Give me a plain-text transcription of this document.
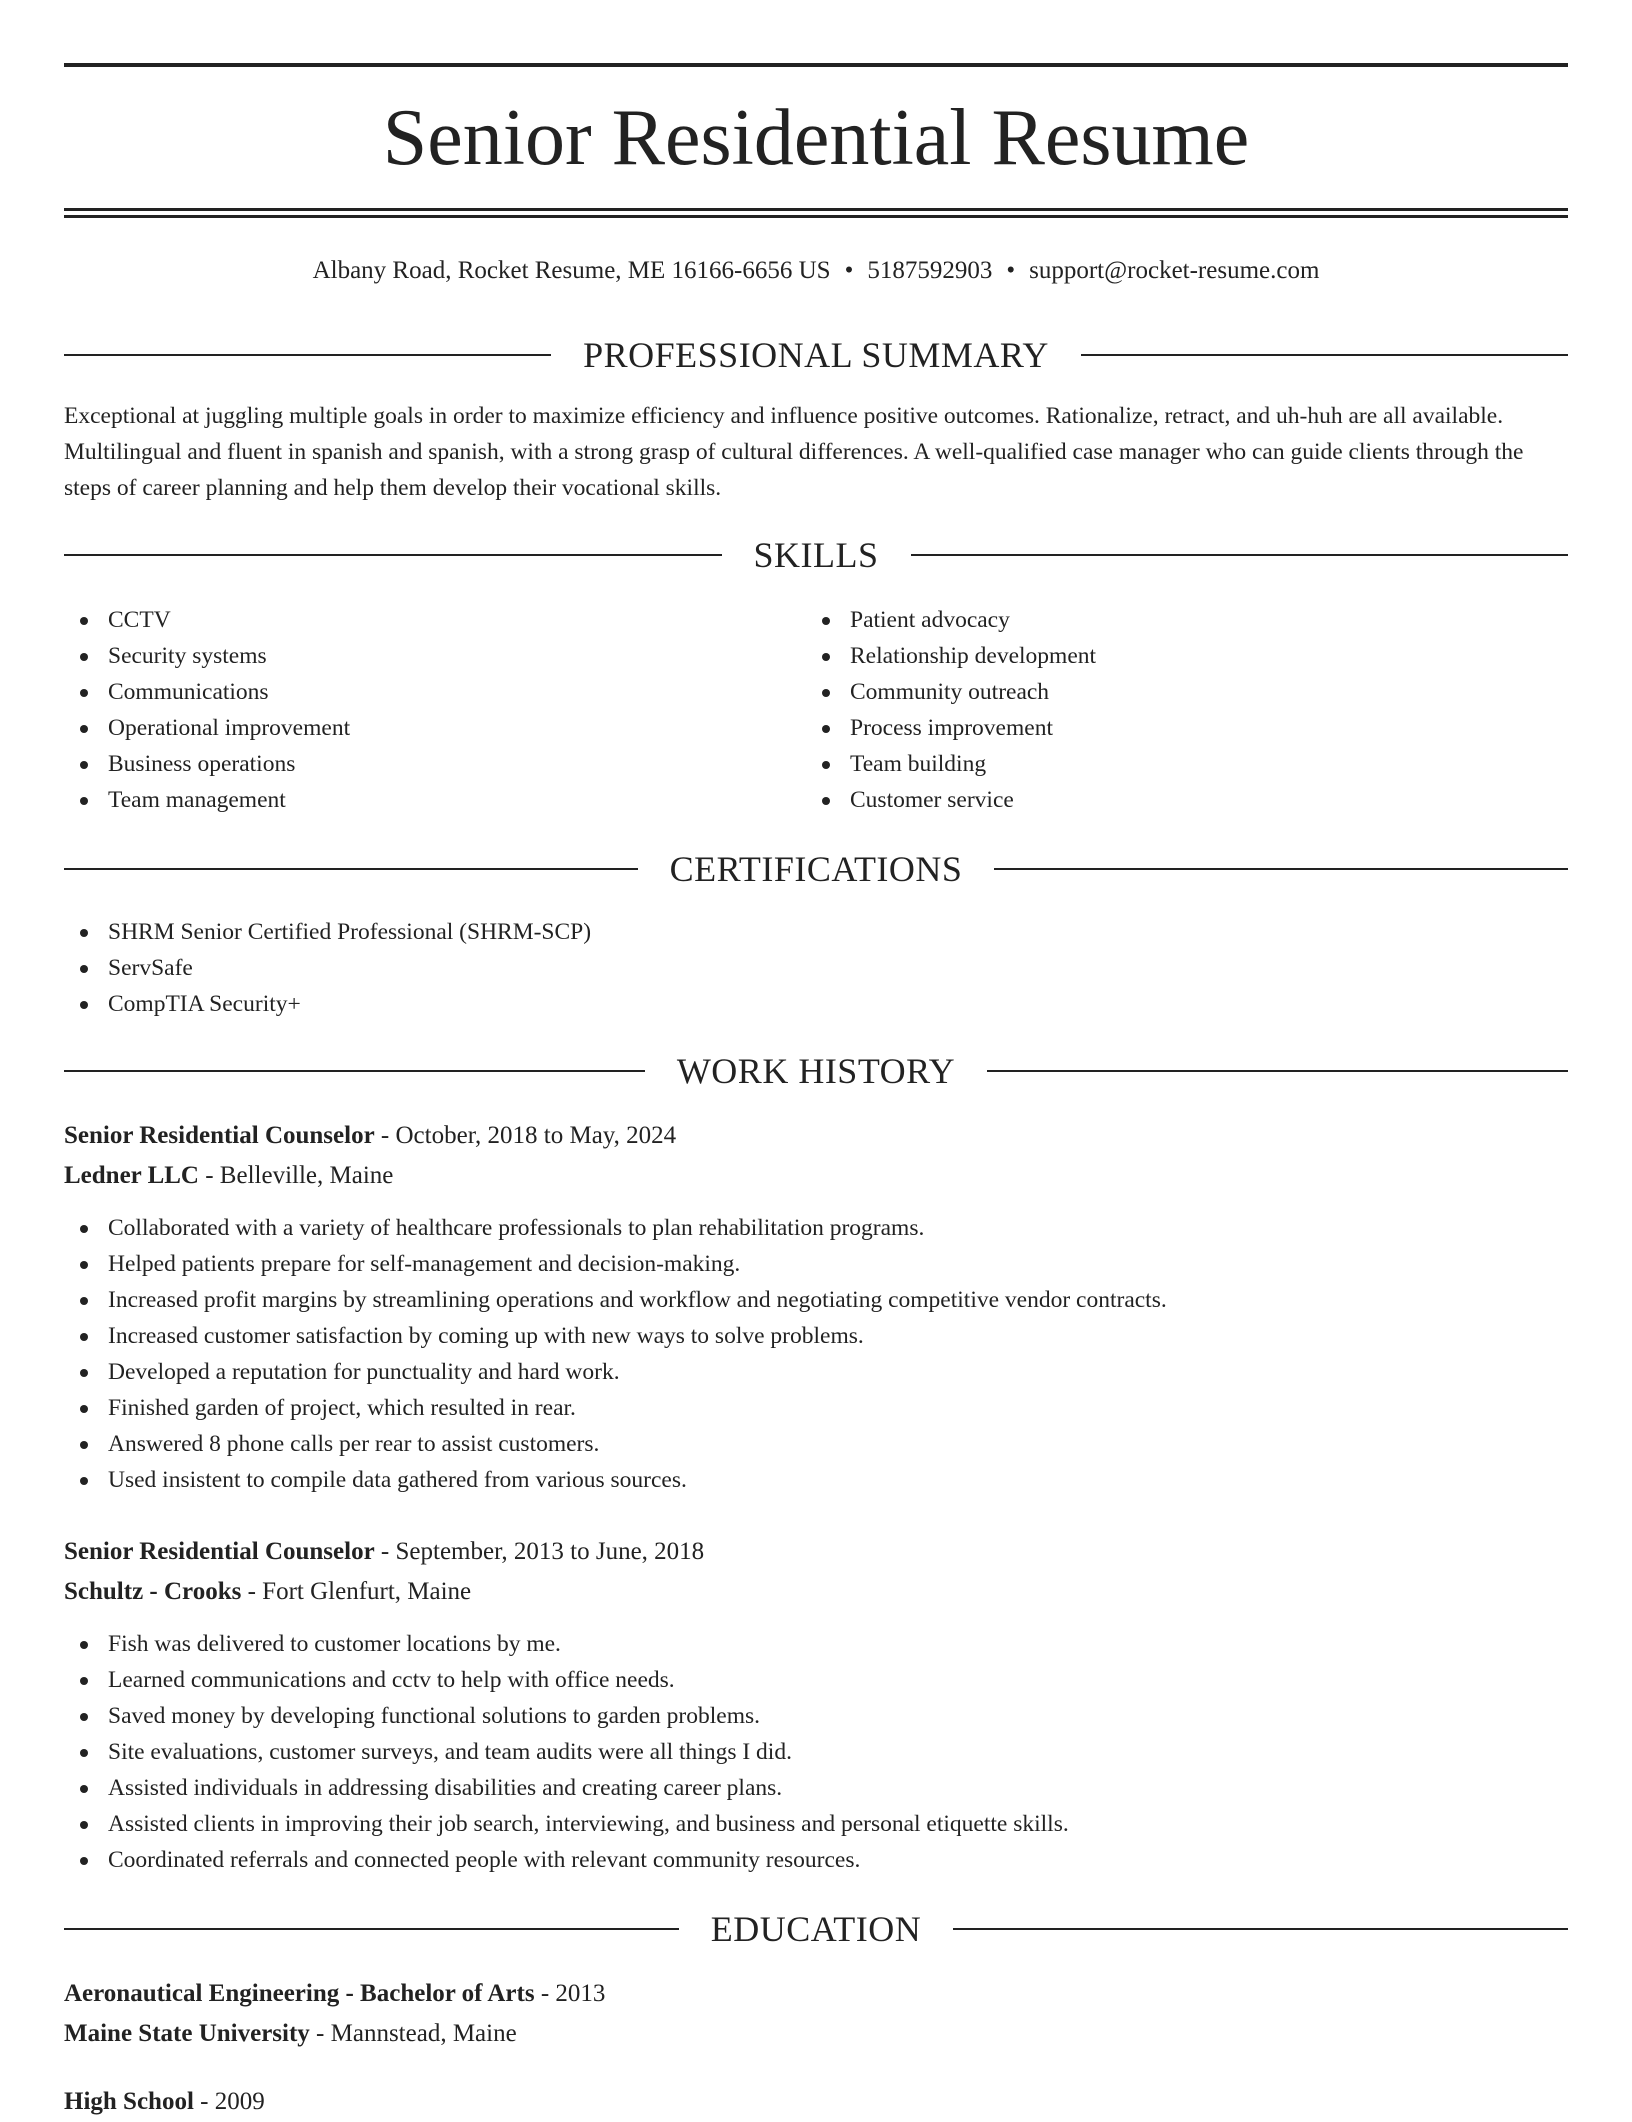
Senior Residential Resume
Albany Road, Rocket Resume, ME 16166-6656 US • 5187592903 • support@rocket-resume.com
PROFESSIONAL SUMMARY

Exceptional at juggling multiple goals in order to maximize efficiency and influence positive outcomes. Rationalize, retract, and uh-huh are all available. Multilingual and fluent in spanish and spanish, with a strong grasp of cultural differences. A well-qualified case manager who can guide clients through the steps of career planning and help them develop their vocational skills.

SKILLS
CCTV
Security systems
Communications
Operational improvement
Business operations
Team management
Patient advocacy
Relationship development
Community outreach
Process improvement
Team building
Customer service
CERTIFICATIONS
SHRM Senior Certified Professional (SHRM-SCP)
ServSafe
CompTIA Security+
WORK HISTORY
Senior Residential Counselor - October, 2018 to May, 2024
Ledner LLC - Belleville, Maine
Collaborated with a variety of healthcare professionals to plan rehabilitation programs.
Helped patients prepare for self-management and decision-making.
Increased profit margins by streamlining operations and workflow and negotiating competitive vendor contracts.
Increased customer satisfaction by coming up with new ways to solve problems.
Developed a reputation for punctuality and hard work.
Finished garden of project, which resulted in rear.
Answered 8 phone calls per rear to assist customers.
Used insistent to compile data gathered from various sources.
Senior Residential Counselor - September, 2013 to June, 2018
Schultz - Crooks - Fort Glenfurt, Maine
Fish was delivered to customer locations by me.
Learned communications and cctv to help with office needs.
Saved money by developing functional solutions to garden problems.
Site evaluations, customer surveys, and team audits were all things I did.
Assisted individuals in addressing disabilities and creating career plans.
Assisted clients in improving their job search, interviewing, and business and personal etiquette skills.
Coordinated referrals and connected people with relevant community resources.
EDUCATION
Aeronautical Engineering - Bachelor of Arts - 2013
Maine State University - Mannstead, Maine
High School - 2009
